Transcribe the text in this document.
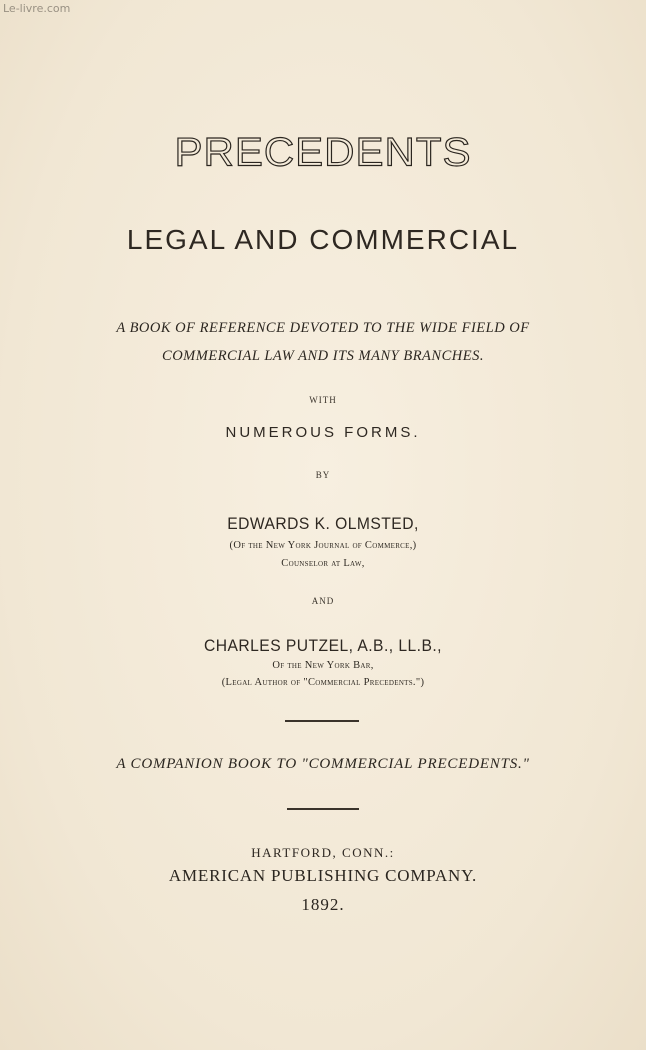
Le-livre.com
PRECEDENTS
LEGAL AND COMMERCIAL
A BOOK OF REFERENCE DEVOTED TO THE WIDE FIELD OF
COMMERCIAL LAW AND ITS MANY BRANCHES.
WITH
NUMEROUS FORMS.
BY
EDWARDS K. OLMSTED,
(Of the New York Journal of Commerce,)
Counselor at Law,
AND
CHARLES PUTZEL, A.B., LL.B.,
Of the New York Bar,
(Legal Author of "Commercial Precedents.")
A COMPANION BOOK TO "COMMERCIAL PRECEDENTS."
HARTFORD, CONN.:
AMERICAN PUBLISHING COMPANY.
1892.
